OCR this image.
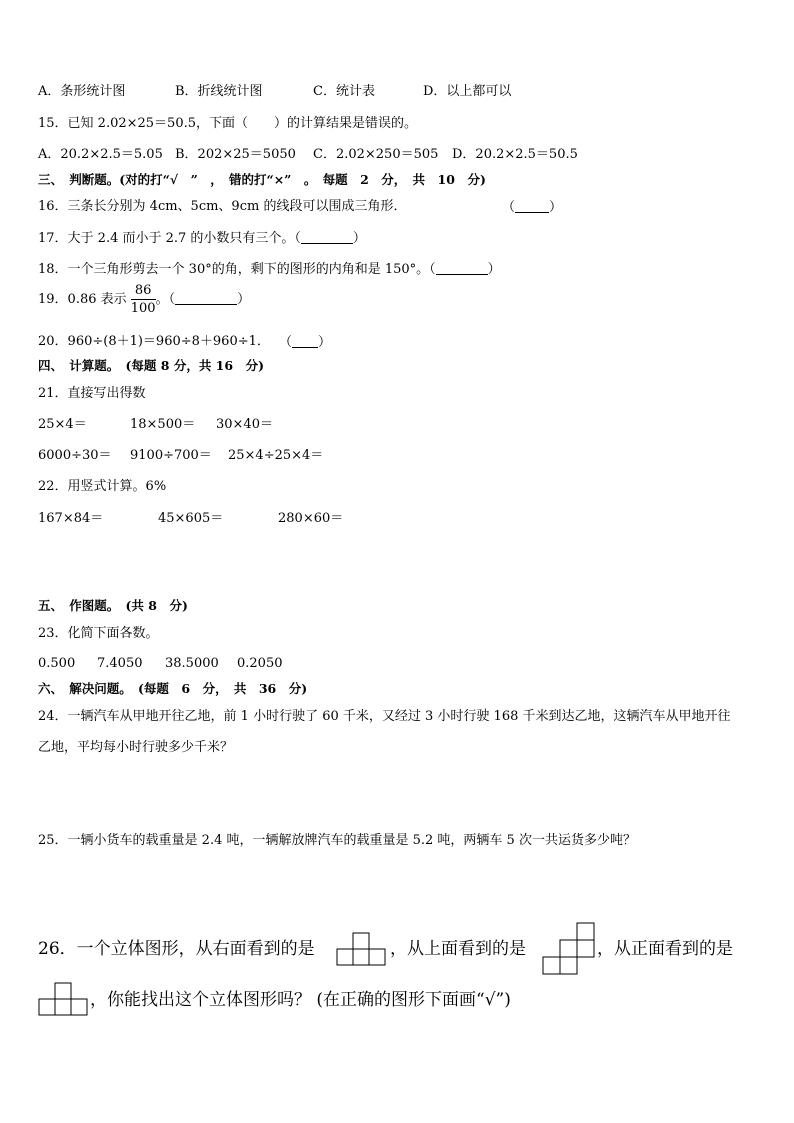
A．条形统计图	B．折线统计图	C．统计表	D．以上都可以
15．已知 2.02×25＝50.5，下面（　　）的计算结果是错误的。
A．20.2×2.5＝5.05 B．202×25＝5050 C．2.02×250＝505 D．20.2×2.5＝50.5
三、　判断题。(对的打“√　”　，　错的打“×”　。　每题　2　分，　共　10　分)
16．三条长分别为 4cm、5cm、9cm 的线段可以围成三角形．	（	）
17．大于 2.4 而小于 2.7 的小数只有三个。（	）
18．一个三角形剪去一个 30°的角，剩下的图形的内角和是 150°。（	）
19．0.86 表示 $\frac{86}{100}$ 。（	）
20．960÷(8＋1)＝960÷8＋960÷1． （ ）
四、　计算题。　(每题 8 分，共 16　分)
21．直接写出得数
25×4＝	18×500＝ 30×40＝
6000÷30＝ 9100÷700＝ 25×4÷25×4＝
22．用竖式计算。6%
167×84＝	45×605＝	280×60＝
五、　作图题。　(共 8　分)
23．化简下面各数。
0.500 7.4050 38.5000 0.2050
六、　解决问题。　(每题　6　分，　共　36　分)
24．一辆汽车从甲地开往乙地，前 1 小时行驶了 60 千米，又经过 3 小时行驶 168 千米到达乙地，这辆汽车从甲地开往
乙地，平均每小时行驶多少千米？
25．一辆小货车的载重量是 2.4 吨，一辆解放牌汽车的载重量是 5.2 吨，两辆车 5 次一共运货多少吨？
26．一个立体图形，从右面看到的是	，从上面看到的是	，从正面看到的是
，你能找出这个立体图形吗？ (在正确的图形下面画“√”)
